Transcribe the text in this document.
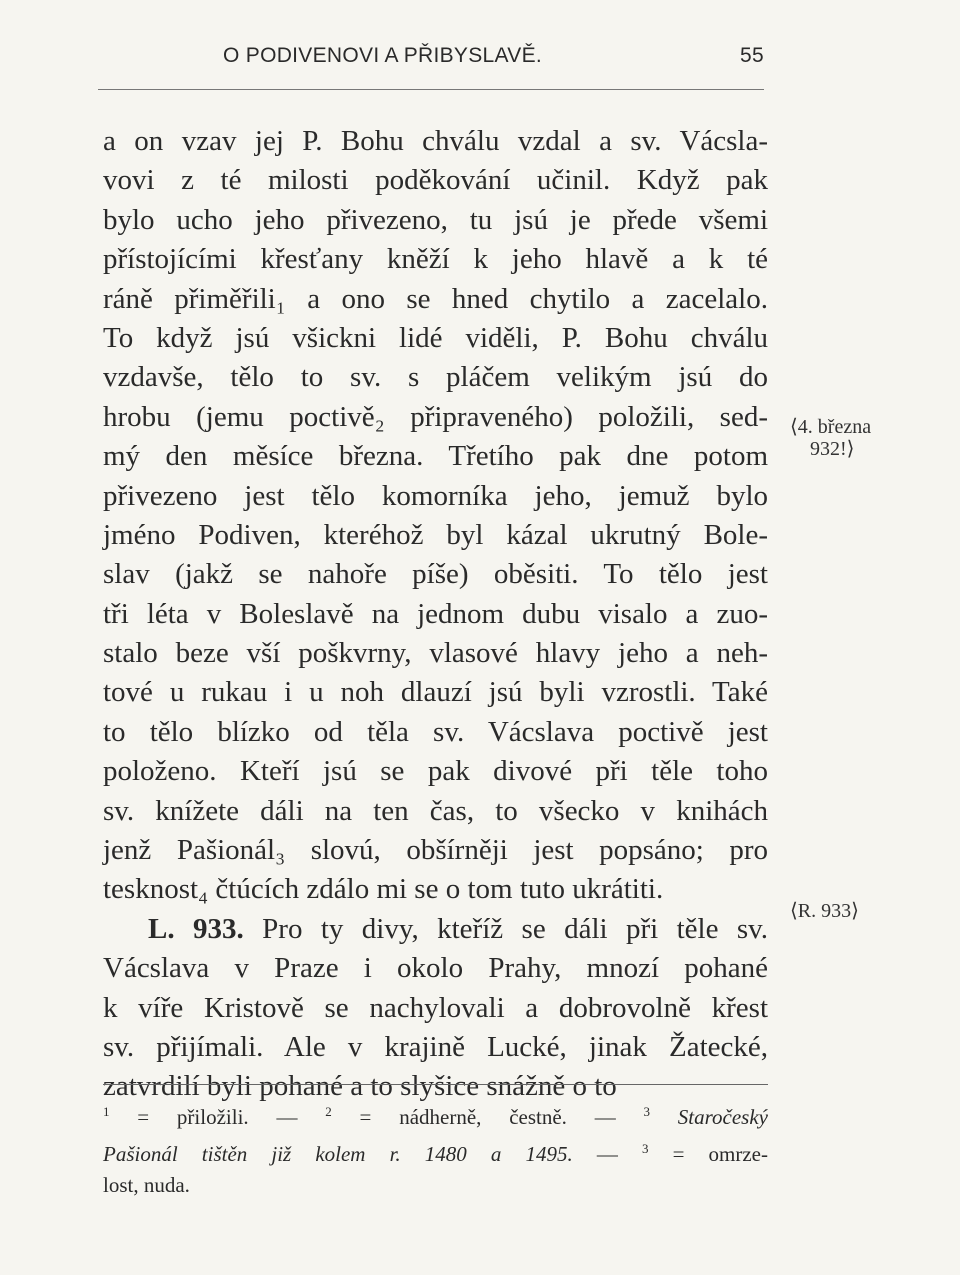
O PODIVENOVI A PŘIBYSLAVĚ.	55
a on vzav jej P. Bohu chválu vzdal a sv. Vácsla-
vovi z té milosti poděkování učinil. Když pak
bylo ucho jeho přivezeno, tu jsú je přede všemi
přístojícími křesťany kněží k jeho hlavě a k té
ráně přiměřili₁ a ono se hned chytilo a zacelalo.
To když jsú všickni lidé viděli, P. Bohu chválu
vzdavše, tělo to sv. s pláčem velikým jsú do
hrobu (jemu poctivě₂ připraveného) položili, sed-
mý den měsíce března. Třetího pak dne potom
přivezeno jest tělo komorníka jeho, jemuž bylo
jméno Podiven, kteréhož byl kázal ukrutný Bole-
slav (jakž se nahoře píše) oběsiti. To tělo jest
tři léta v Boleslavě na jednom dubu visalo a zuo-
stalo beze vší poškvrny, vlasové hlavy jeho a neh-
tové u rukau i u noh dlauzí jsú byli vzrostli. Také
to tělo blízko od těla sv. Vácslava poctivě jest
položeno. Kteří jsú se pak divové při těle toho
sv. knížete dáli na ten čas, to všecko v knihách
jenž Pašionál₃ slovú, obšírněji jest popsáno; pro
tesknost₄ čtúcích zdálo mi se o tom tuto ukrátiti.
L. 933. Pro ty divy, kteříž se dáli při těle sv.
Vácslava v Praze i okolo Prahy, mnozí pohané
k víře Kristově se nachylovali a dobrovolně křest
sv. přijímali. Ale v krajině Lucké, jinak Žatecké,
zatvrdilí byli pohané a to slyšice snážně o to
⟨4. března
932!⟩
⟨R. 933⟩
$^1$ = přiložili. — $^2$ = nádherně, čestně. — $^3$ Staročeský
Pašionál tištěn již kolem r. 1480 a 1495. — $^3$ = omrze-
lost, nuda.
